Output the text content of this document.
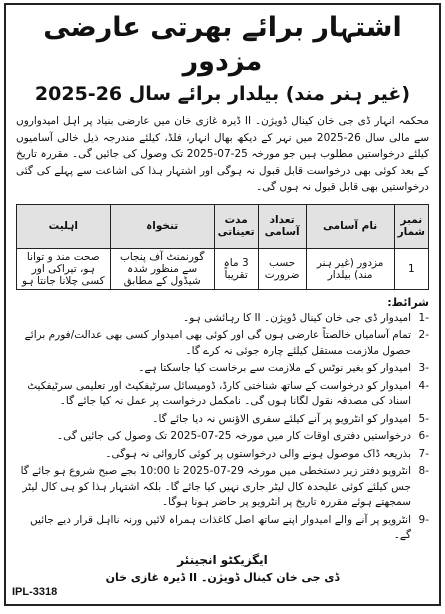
اشتہار برائے بھرتی عارضی مزدور
(غیر ہنر مند) بیلدار برائے سال 26-2025
محکمہ انہار ڈی جی خان کینال ڈویژن۔ II ڈیرہ غازی خان میں عارضی بنیاد پر اہل امیدواروں سے مالی سال 26-2025 میں نہر کے دیکھ بھال انہار، فلڈ، کیلئے مندرجہ ذیل خالی آسامیوں کیلئے درخواستیں مطلوب ہیں جو مورخہ 25-07-2025 تک وصول کی جائیں گی۔ مقررہ تاریخ کے بعد کوئی بھی درخواست قابل قبول نہ ہوگی اور اشتہار ہذا کی اشاعت سے پہلے کی گئی درخواستیں بھی قابل قبول نہ ہوں گی۔
نمبر شمار	نام آسامی	تعداد آسامی	مدت تعیناتی	تنخواہ	اہلیت
1	مزدور (غیر ہنر مند) بیلدار	حسب ضرورت	3 ماہ تقریباً	گورنمنٹ آف پنجاب سے منظور شدہ شیڈول کے مطابق	صحت مند و توانا ہو، تیراکی اور کسی چلانا جانتا ہو
شرائط:
امیدوار ڈی جی خان کینال ڈویژن۔ II کا رہائشی ہو۔
تمام آسامیاں خالصتاً عارضی ہوں گی اور کوئی بھی امیدوار کسی بھی عدالت/فورم برائے حصول ملازمت مستقل کیلئے چارہ جوئی نہ کرے گا۔
امیدوار کو بغیر نوٹس کے ملازمت سے برخاست کیا جاسکتا ہے۔
امیدوار کو درخواست کے ساتھ شناختی کارڈ، ڈومیسائل سرٹیفکیٹ اور تعلیمی سرٹیفکیٹ اسناد کی مصدقہ نقول لگانا ہوں گی۔ نامکمل درخواست پر عمل نہ کیا جائے گا۔
امیدوار کو انٹرویو پر آنے کیلئے سفری الاؤنس نہ دیا جائے گا۔
درخواستیں دفتری اوقات کار میں مورخہ 25-07-2025 تک وصول کی جائیں گی۔
بذریعہ ڈاک موصول ہونے والی درخواستوں پر کوئی کاروائی نہ ہوگی۔
انٹرویو دفتر زیر دستخطی میں مورخہ 29-07-2025 تا 10:00 بجے صبح شروع ہو جائے گا جس کیلئے کوئی علیحدہ کال لیٹر جاری نہیں کیا جائے گا۔ بلکہ اشتہار ہذا کو ہی کال لیٹر سمجھتے ہوئے مقررہ تاریخ پر انٹرویو پر حاضر ہونا ہوگا۔
انٹرویو پر آنے والے امیدوار اپنے ساتھ اصل کاغذات ہمراہ لائیں ورنہ نااہل قرار دیے جائیں گے۔
ایگزیکٹو انجینئر
ڈی جی خان کینال ڈویژن۔ II ڈیرہ غازی خان
IPL-3318
